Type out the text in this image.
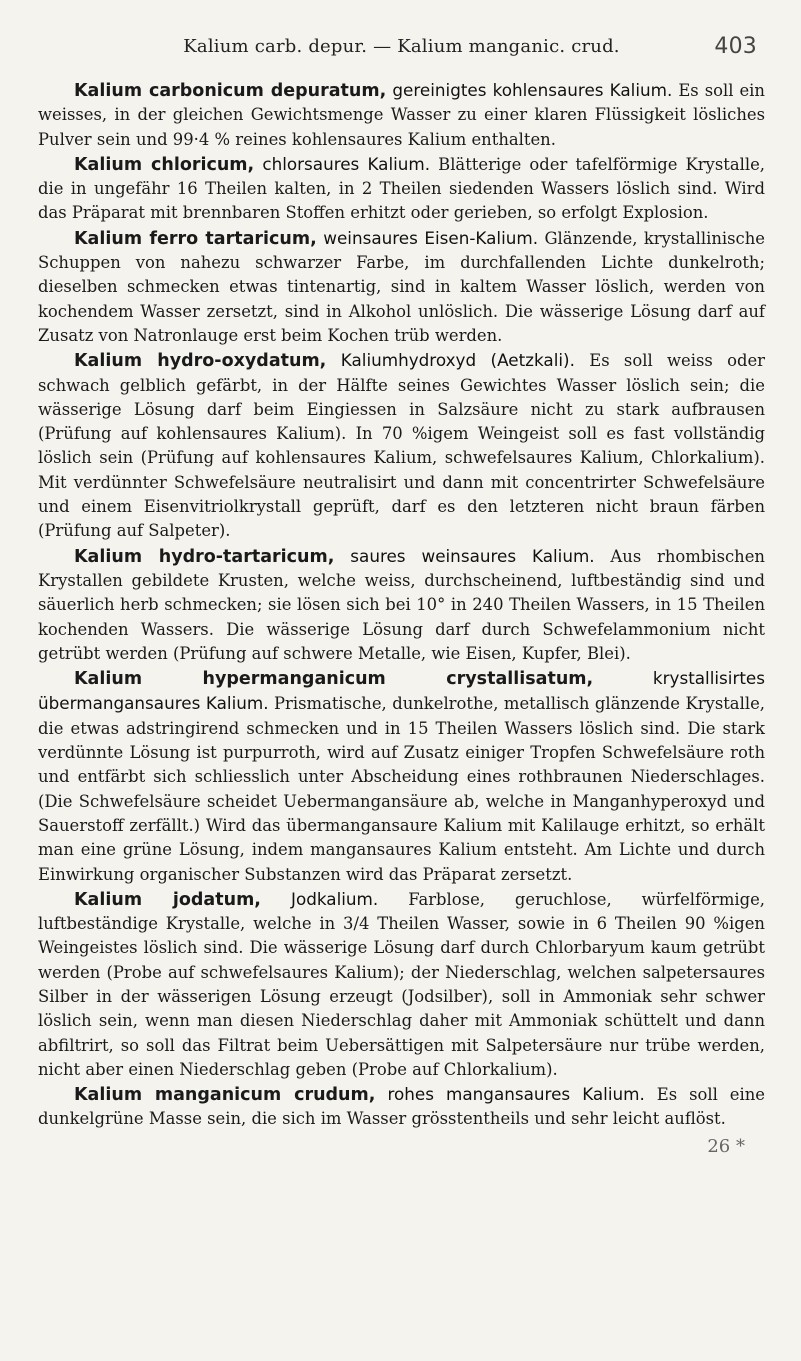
Kalium carb. depur. — Kalium manganic. crud.	403

Kalium carbonicum depuratum, gereinigtes kohlensaures Kalium. Es soll ein weisses, in der gleichen Gewichtsmenge Wasser zu einer klaren Flüssigkeit lösliches Pulver sein und 99·4 % reines kohlensaures Kalium enthalten.

Kalium chloricum, chlorsaures Kalium. Blätterige oder tafelförmige Krystalle, die in ungefähr 16 Theilen kalten, in 2 Theilen siedenden Wassers löslich sind. Wird das Präparat mit brennbaren Stoffen erhitzt oder gerieben, so erfolgt Explosion.

Kalium ferro tartaricum, weinsaures Eisen-Kalium. Glänzende, krystallinische Schuppen von nahezu schwarzer Farbe, im durchfallenden Lichte dunkelroth; dieselben schmecken etwas tintenartig, sind in kaltem Wasser löslich, werden von kochendem Wasser zersetzt, sind in Alkohol unlöslich. Die wässerige Lösung darf auf Zusatz von Natronlauge erst beim Kochen trüb werden.

Kalium hydro-oxydatum, Kaliumhydroxyd (Aetzkali). Es soll weiss oder schwach gelblich gefärbt, in der Hälfte seines Gewichtes Wasser löslich sein; die wässerige Lösung darf beim Eingiessen in Salzsäure nicht zu stark aufbrausen (Prüfung auf kohlensaures Kalium). In 70 %igem Weingeist soll es fast vollständig löslich sein (Prüfung auf kohlensaures Kalium, schwefelsaures Kalium, Chlorkalium). Mit verdünnter Schwefelsäure neutralisirt und dann mit concentrirter Schwefelsäure und einem Eisenvitriolkrystall geprüft, darf es den letzteren nicht braun färben (Prüfung auf Salpeter).

Kalium hydro-tartaricum, saures weinsaures Kalium. Aus rhombischen Krystallen gebildete Krusten, welche weiss, durchscheinend, luftbeständig sind und säuerlich herb schmecken; sie lösen sich bei 10° in 240 Theilen Wassers, in 15 Theilen kochenden Wassers. Die wässerige Lösung darf durch Schwefelammonium nicht getrübt werden (Prüfung auf schwere Metalle, wie Eisen, Kupfer, Blei).

Kalium hypermanganicum crystallisatum, krystallisirtes übermangansaures Kalium. Prismatische, dunkelrothe, metallisch glänzende Krystalle, die etwas adstringirend schmecken und in 15 Theilen Wassers löslich sind. Die stark verdünnte Lösung ist purpurroth, wird auf Zusatz einiger Tropfen Schwefelsäure roth und entfärbt sich schliesslich unter Abscheidung eines rothbraunen Niederschlages. (Die Schwefelsäure scheidet Uebermangansäure ab, welche in Manganhyperoxyd und Sauerstoff zerfällt.) Wird das übermangansaure Kalium mit Kalilauge erhitzt, so erhält man eine grüne Lösung, indem mangansaures Kalium entsteht. Am Lichte und durch Einwirkung organischer Substanzen wird das Präparat zersetzt.

Kalium jodatum, Jodkalium. Farblose, geruchlose, würfelförmige, luftbeständige Krystalle, welche in 3/4 Theilen Wasser, sowie in 6 Theilen 90 %igen Weingeistes löslich sind. Die wässerige Lösung darf durch Chlorbaryum kaum getrübt werden (Probe auf schwefelsaures Kalium); der Niederschlag, welchen salpetersaures Silber in der wässerigen Lösung erzeugt (Jodsilber), soll in Ammoniak sehr schwer löslich sein, wenn man diesen Niederschlag daher mit Ammoniak schüttelt und dann abfiltrirt, so soll das Filtrat beim Uebersättigen mit Salpetersäure nur trübe werden, nicht aber einen Niederschlag geben (Probe auf Chlorkalium).

Kalium manganicum crudum, rohes mangansaures Kalium. Es soll eine dunkelgrüne Masse sein, die sich im Wasser grösstentheils und sehr leicht auflöst.

26 *
